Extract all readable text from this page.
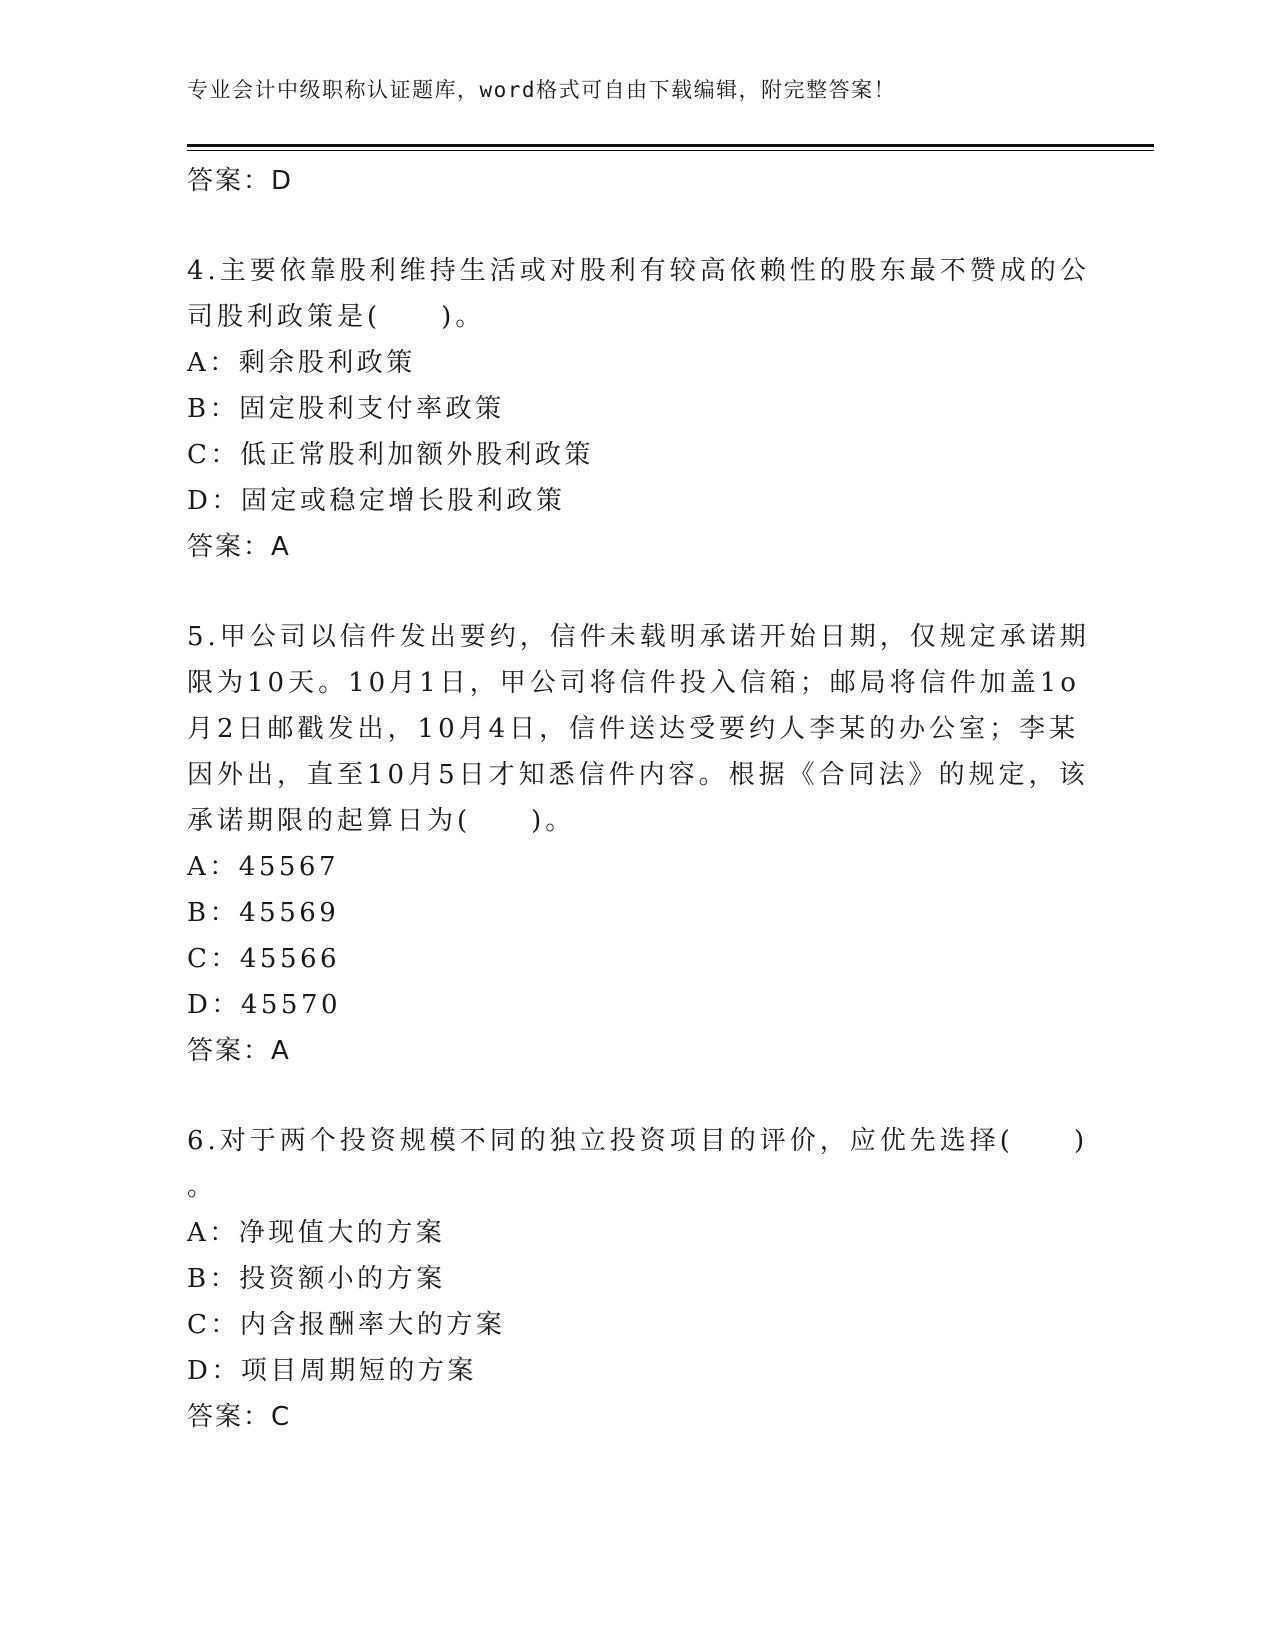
专业会计中级职称认证题库，word格式可自由下载编辑，附完整答案！
答案：D
4.主要依靠股利维持生活或对股利有较高依赖性的股东最不赞成的公
司股利政策是(　　)。
A：剩余股利政策
B：固定股利支付率政策
C：低正常股利加额外股利政策
D：固定或稳定增长股利政策
答案：A
5.甲公司以信件发出要约，信件未载明承诺开始日期，仅规定承诺期
限为10天。10月1日，甲公司将信件投入信箱；邮局将信件加盖1o
月2日邮戳发出，10月4日，信件送达受要约人李某的办公室；李某
因外出，直至10月5日才知悉信件内容。根据《合同法》的规定，该
承诺期限的起算日为(　　)。
A：45567
B：45569
C：45566
D：45570
答案：A
6.对于两个投资规模不同的独立投资项目的评价，应优先选择(　　)
。
A：净现值大的方案
B：投资额小的方案
C：内含报酬率大的方案
D：项目周期短的方案
答案：C
